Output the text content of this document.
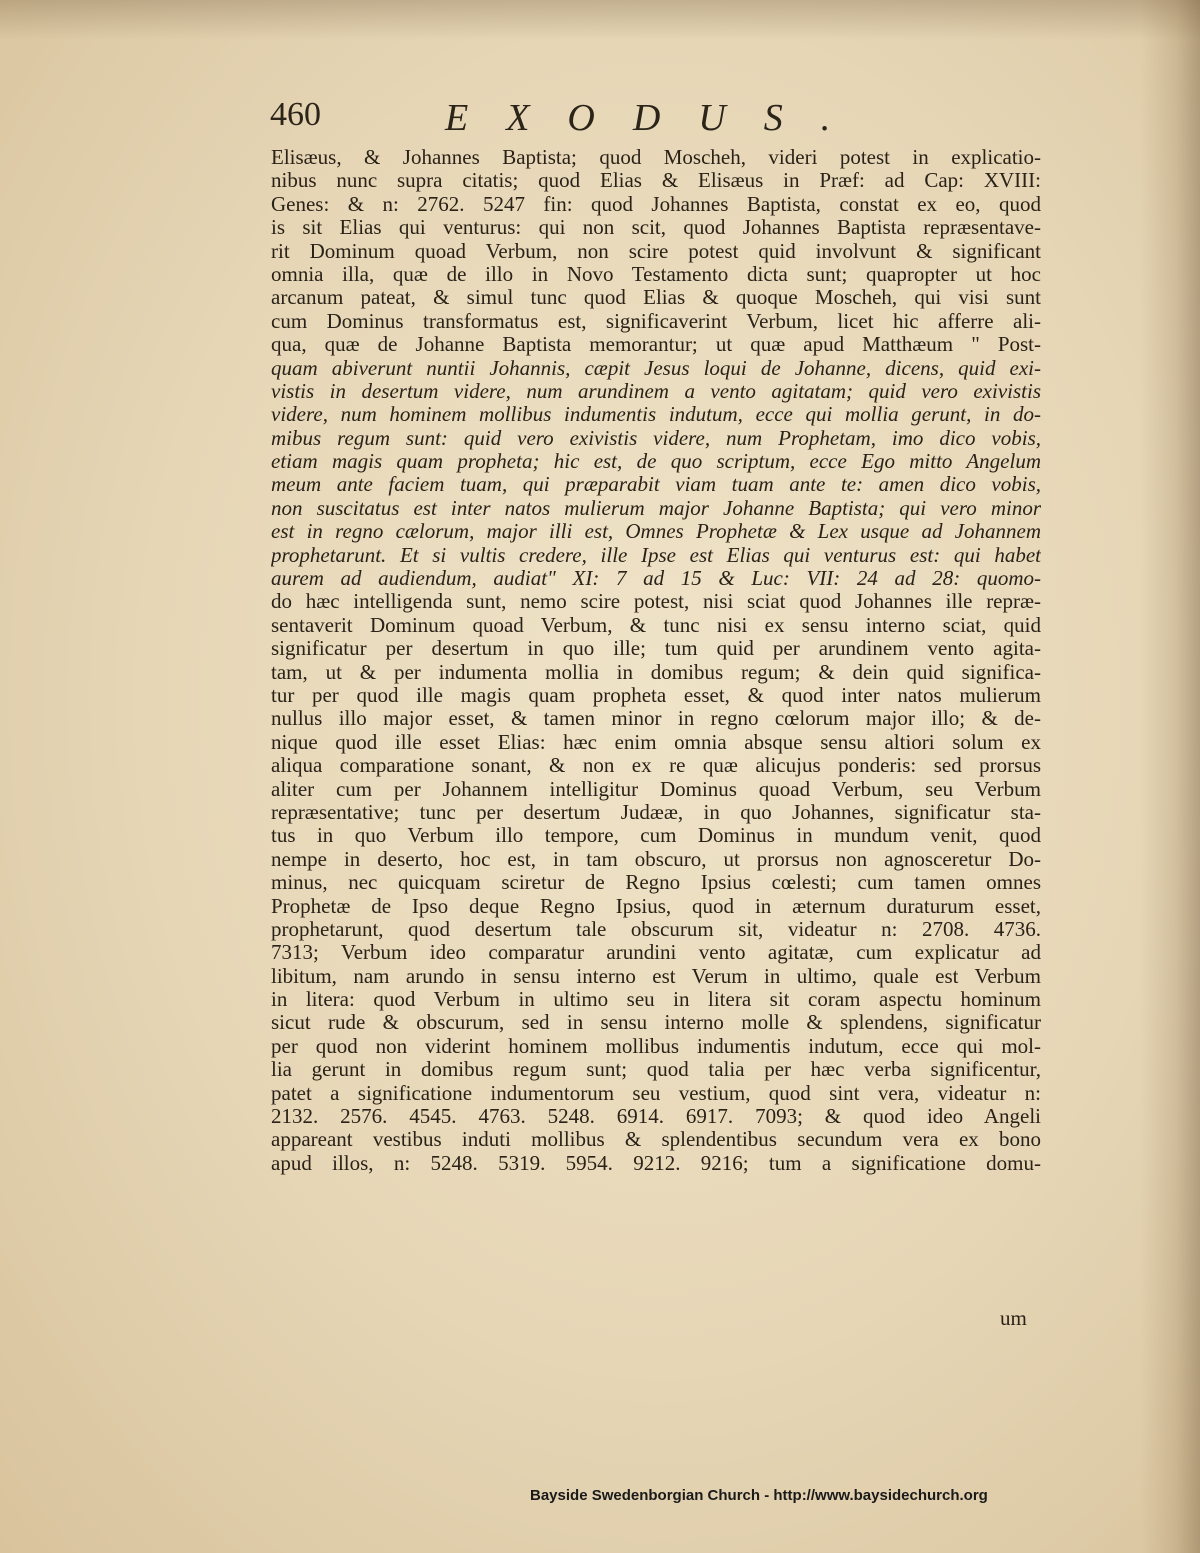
460	EXODUS.
Elisæus, & Johannes Baptista; quod Moscheh, videri potest in explicatio-
nibus nunc supra citatis; quod Elias & Elisæus in Præf: ad Cap: XVIII:
Genes: & n: 2762. 5247 fin: quod Johannes Baptista, constat ex eo, quod
is sit Elias qui venturus: qui non scit, quod Johannes Baptista repræsentave-
rit Dominum quoad Verbum, non scire potest quid involvunt & significant
omnia illa, quæ de illo in Novo Testamento dicta sunt; quapropter ut hoc
arcanum pateat, & simul tunc quod Elias & quoque Moscheh, qui visi sunt
cum Dominus transformatus est, significaverint Verbum, licet hic afferre ali-
qua, quæ de Johanne Baptista memorantur; ut quæ apud Matthæum " Post-
quam abiverunt nuntii Johannis, cæpit Jesus loqui de Johanne, dicens, quid exi-
vistis in desertum videre, num arundinem a vento agitatam; quid vero exivistis
videre, num hominem mollibus indumentis indutum, ecce qui mollia gerunt, in do-
mibus regum sunt: quid vero exivistis videre, num Prophetam, imo dico vobis,
etiam magis quam propheta; hic est, de quo scriptum, ecce Ego mitto Angelum
meum ante faciem tuam, qui præparabit viam tuam ante te: amen dico vobis,
non suscitatus est inter natos mulierum major Johanne Baptista; qui vero minor
est in regno cælorum, major illi est, Omnes Prophetæ & Lex usque ad Johannem
prophetarunt. Et si vultis credere, ille Ipse est Elias qui venturus est: qui habet
aurem ad audiendum, audiat" XI: 7 ad 15 & Luc: VII: 24 ad 28: quomo-
do hæc intelligenda sunt, nemo scire potest, nisi sciat quod Johannes ille repræ-
sentaverit Dominum quoad Verbum, & tunc nisi ex sensu interno sciat, quid
significatur per desertum in quo ille; tum quid per arundinem vento agita-
tam, ut & per indumenta mollia in domibus regum; & dein quid significa-
tur per quod ille magis quam propheta esset, & quod inter natos mulierum
nullus illo major esset, & tamen minor in regno cœlorum major illo; & de-
nique quod ille esset Elias: hæc enim omnia absque sensu altiori solum ex
aliqua comparatione sonant, & non ex re quæ alicujus ponderis: sed prorsus
aliter cum per Johannem intelligitur Dominus quoad Verbum, seu Verbum
repræsentative; tunc per desertum Judææ, in quo Johannes, significatur sta-
tus in quo Verbum illo tempore, cum Dominus in mundum venit, quod
nempe in deserto, hoc est, in tam obscuro, ut prorsus non agnosceretur Do-
minus, nec quicquam sciretur de Regno Ipsius cœlesti; cum tamen omnes
Prophetæ de Ipso deque Regno Ipsius, quod in æternum duraturum esset,
prophetarunt, quod desertum tale obscurum sit, videatur n: 2708. 4736.
7313; Verbum ideo comparatur arundini vento agitatæ, cum explicatur ad
libitum, nam arundo in sensu interno est Verum in ultimo, quale est Verbum
in litera: quod Verbum in ultimo seu in litera sit coram aspectu hominum
sicut rude & obscurum, sed in sensu interno molle & splendens, significatur
per quod non viderint hominem mollibus indumentis indutum, ecce qui mol-
lia gerunt in domibus regum sunt; quod talia per hæc verba significentur,
patet a significatione indumentorum seu vestium, quod sint vera, videatur n:
2132. 2576. 4545. 4763. 5248. 6914. 6917. 7093; & quod ideo Angeli
appareant vestibus induti mollibus & splendentibus secundum vera ex bono
apud illos, n: 5248. 5319. 5954. 9212. 9216; tum a significatione domu-
um
Bayside Swedenborgian Church - http://www.baysidechurch.org
